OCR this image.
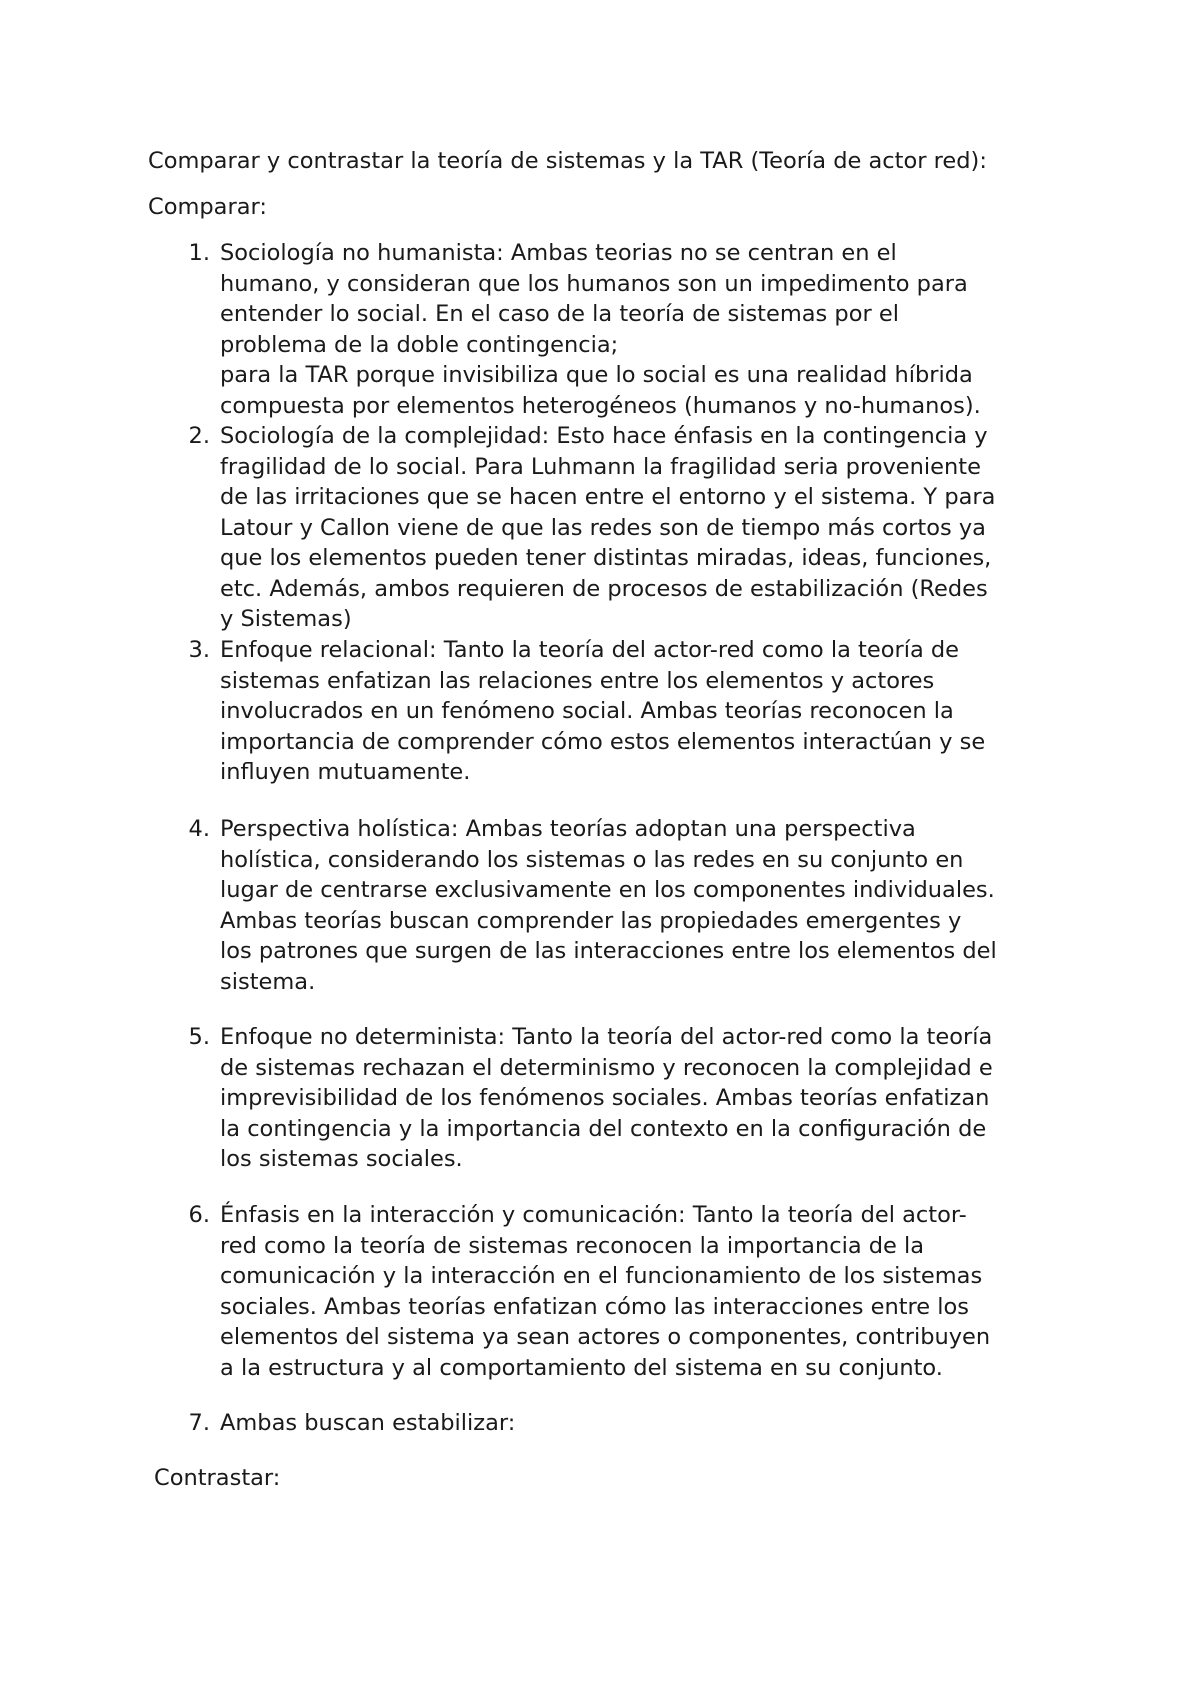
Comparar y contrastar la teoría de sistemas y la TAR (Teoría de actor red):

Comparar:

1. Sociología no humanista: Ambas teorias no se centran en el
humano, y consideran que los humanos son un impedimento para
entender lo social. En el caso de la teoría de sistemas por el
problema de la doble contingencia;
para la TAR porque invisibiliza que lo social es una realidad híbrida
compuesta por elementos heterogéneos (humanos y no-humanos).
2. Sociología de la complejidad: Esto hace énfasis en la contingencia y
fragilidad de lo social. Para Luhmann la fragilidad seria proveniente
de las irritaciones que se hacen entre el entorno y el sistema. Y para
Latour y Callon viene de que las redes son de tiempo más cortos ya
que los elementos pueden tener distintas miradas, ideas, funciones,
etc. Además, ambos requieren de procesos de estabilización (Redes
y Sistemas)
3. Enfoque relacional: Tanto la teoría del actor-red como la teoría de
sistemas enfatizan las relaciones entre los elementos y actores
involucrados en un fenómeno social. Ambas teorías reconocen la
importancia de comprender cómo estos elementos interactúan y se
influyen mutuamente.
4. Perspectiva holística: Ambas teorías adoptan una perspectiva
holística, considerando los sistemas o las redes en su conjunto en
lugar de centrarse exclusivamente en los componentes individuales.
Ambas teorías buscan comprender las propiedades emergentes y
los patrones que surgen de las interacciones entre los elementos del
sistema.
5. Enfoque no determinista: Tanto la teoría del actor-red como la teoría
de sistemas rechazan el determinismo y reconocen la complejidad e
imprevisibilidad de los fenómenos sociales. Ambas teorías enfatizan
la contingencia y la importancia del contexto en la configuración de
los sistemas sociales.
6. Énfasis en la interacción y comunicación: Tanto la teoría del actor-
red como la teoría de sistemas reconocen la importancia de la
comunicación y la interacción en el funcionamiento de los sistemas
sociales. Ambas teorías enfatizan cómo las interacciones entre los
elementos del sistema ya sean actores o componentes, contribuyen
a la estructura y al comportamiento del sistema en su conjunto.
7. Ambas buscan estabilizar:

Contrastar:
